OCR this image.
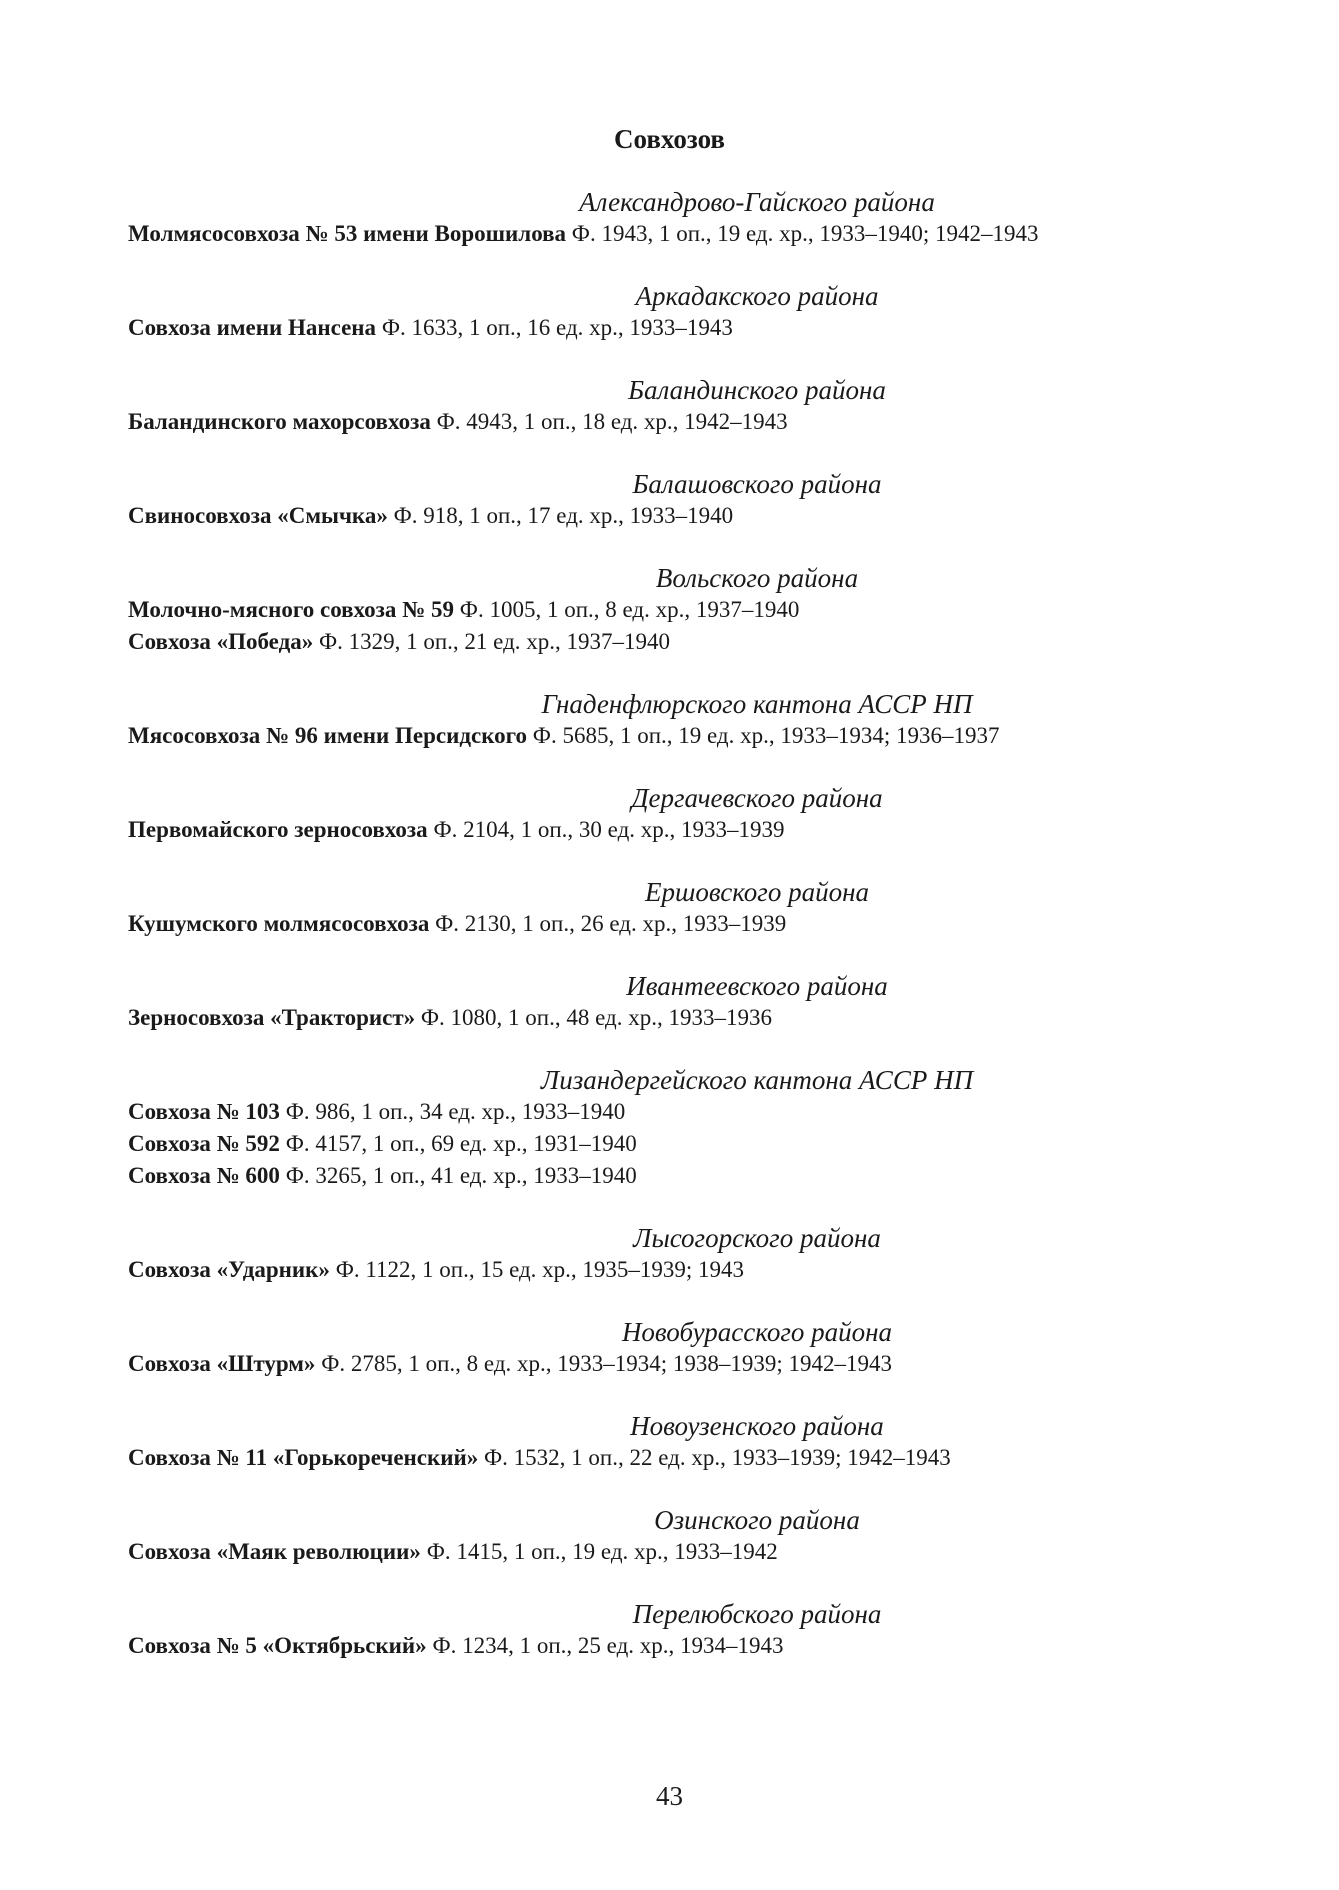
Совхозов

Александрово-Гайского района

Молмясосовхоза № 53 имени Ворошилова Ф. 1943, 1 оп., 19 ед. хр., 1933–1940; 1942–1943

Аркадакского района

Совхоза имени Нансена Ф. 1633, 1 оп., 16 ед. хр., 1933–1943

Баландинского района

Баландинского махорсовхоза Ф. 4943, 1 оп., 18 ед. хр., 1942–1943

Балашовского района

Свиносовхоза «Смычка» Ф. 918, 1 оп., 17 ед. хр., 1933–1940

Вольского района

Молочно-мясного совхоза № 59 Ф. 1005, 1 оп., 8 ед. хр., 1937–1940
Совхоза «Победа» Ф. 1329, 1 оп., 21 ед. хр., 1937–1940

Гнаденфлюрского кантона АССР НП

Мясосовхоза № 96 имени Персидского Ф. 5685, 1 оп., 19 ед. хр., 1933–1934; 1936–1937

Дергачевского района

Первомайского зерносовхоза Ф. 2104, 1 оп., 30 ед. хр., 1933–1939

Ершовского района

Кушумского молмясосовхоза Ф. 2130, 1 оп., 26 ед. хр., 1933–1939

Ивантеевского района

Зерносовхоза «Тракторист» Ф. 1080, 1 оп., 48 ед. хр., 1933–1936

Лизандергейского кантона АССР НП

Совхоза № 103 Ф. 986, 1 оп., 34 ед. хр., 1933–1940
Совхоза № 592 Ф. 4157, 1 оп., 69 ед. хр., 1931–1940
Совхоза № 600 Ф. 3265, 1 оп., 41 ед. хр., 1933–1940

Лысогорского района

Совхоза «Ударник» Ф. 1122, 1 оп., 15 ед. хр., 1935–1939; 1943

Новобурасского района

Совхоза «Штурм» Ф. 2785, 1 оп., 8 ед. хр., 1933–1934; 1938–1939; 1942–1943

Новоузенского района

Совхоза № 11 «Горькореченский» Ф. 1532, 1 оп., 22 ед. хр., 1933–1939; 1942–1943

Озинского района

Совхоза «Маяк революции» Ф. 1415, 1 оп., 19 ед. хр., 1933–1942

Перелюбского района

Совхоза № 5 «Октябрьский» Ф. 1234, 1 оп., 25 ед. хр., 1934–1943
43
